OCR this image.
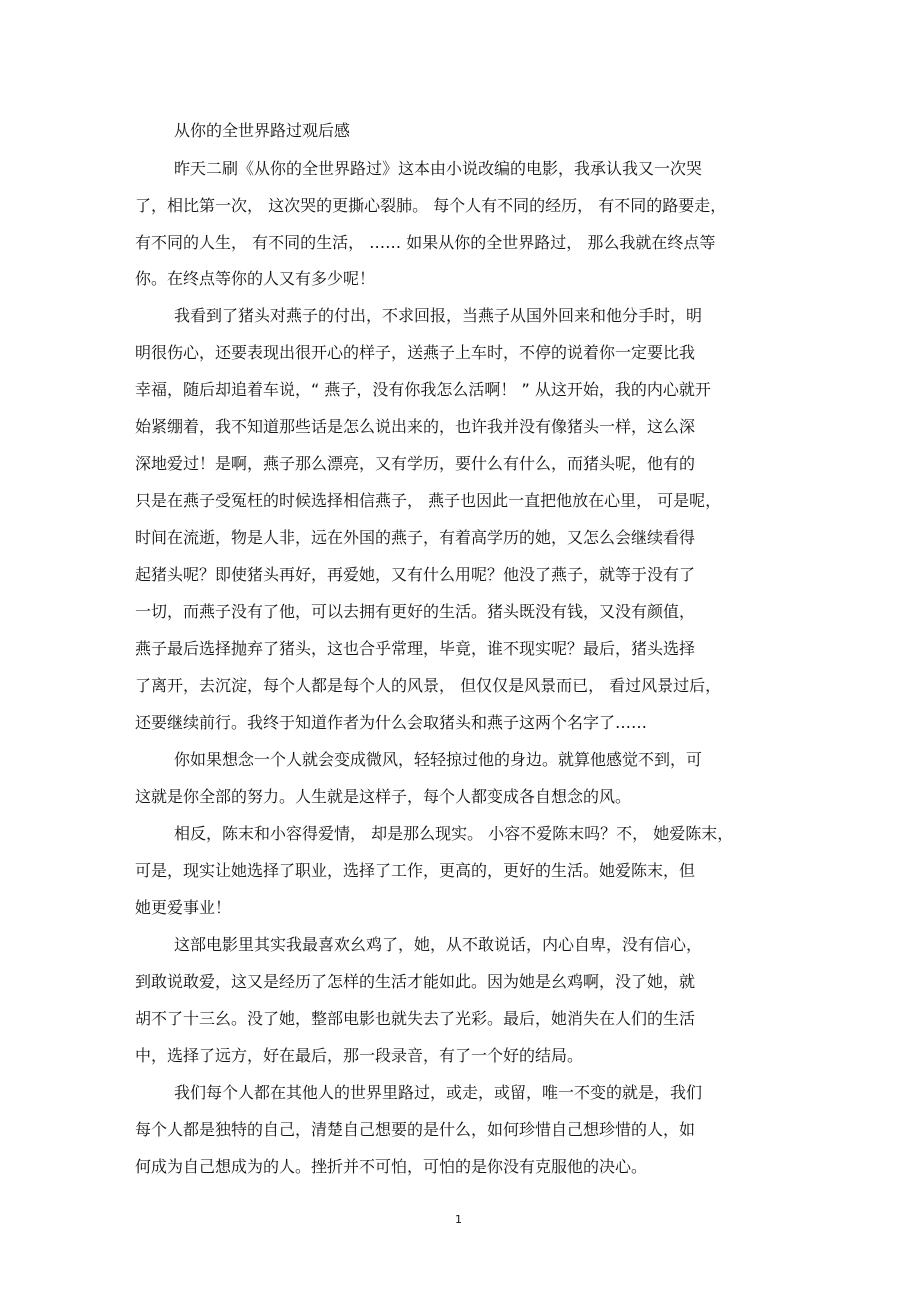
从你的全世界路过观后感
昨天二刷《从你的全世界路过》这本由小说改编的电影，我承认我又一次哭
了，相比第一次， 这次哭的更撕心裂肺。 每个人有不同的经历， 有不同的路要走，
有不同的人生， 有不同的生活， …… 如果从你的全世界路过， 那么我就在终点等
你。在终点等你的人又有多少呢！
我看到了猪头对燕子的付出，不求回报，当燕子从国外回来和他分手时，明
明很伤心，还要表现出很开心的样子，送燕子上车时，不停的说着你一定要比我
幸福，随后却追着车说，“ 燕子，没有你我怎么活啊！ ” 从这开始，我的内心就开
始紧绷着，我不知道那些话是怎么说出来的，也许我并没有像猪头一样，这么深
深地爱过！是啊，燕子那么漂亮，又有学历，要什么有什么，而猪头呢，他有的
只是在燕子受冤枉的时候选择相信燕子， 燕子也因此一直把他放在心里， 可是呢，
时间在流逝，物是人非，远在外国的燕子，有着高学历的她，又怎么会继续看得
起猪头呢？即使猪头再好，再爱她，又有什么用呢？他没了燕子，就等于没有了
一切，而燕子没有了他，可以去拥有更好的生活。猪头既没有钱，又没有颜值，
燕子最后选择抛弃了猪头，这也合乎常理，毕竟，谁不现实呢？最后，猪头选择
了离开，去沉淀，每个人都是每个人的风景， 但仅仅是风景而已， 看过风景过后，
还要继续前行。我终于知道作者为什么会取猪头和燕子这两个名字了……
你如果想念一个人就会变成微风，轻轻掠过他的身边。就算他感觉不到，可
这就是你全部的努力。人生就是这样子，每个人都变成各自想念的风。
相反，陈末和小容得爱情， 却是那么现实。 小容不爱陈末吗？不， 她爱陈末，
可是，现实让她选择了职业，选择了工作，更高的，更好的生活。她爱陈末，但
她更爱事业！
这部电影里其实我最喜欢幺鸡了，她，从不敢说话，内心自卑，没有信心，
到敢说敢爱，这又是经历了怎样的生活才能如此。因为她是幺鸡啊，没了她，就
胡不了十三幺。没了她，整部电影也就失去了光彩。最后，她消失在人们的生活
中，选择了远方，好在最后，那一段录音，有了一个好的结局。
我们每个人都在其他人的世界里路过，或走，或留，唯一不变的就是，我们
每个人都是独特的自己，清楚自己想要的是什么，如何珍惜自己想珍惜的人，如
何成为自己想成为的人。挫折并不可怕，可怕的是你没有克服他的决心。
1
